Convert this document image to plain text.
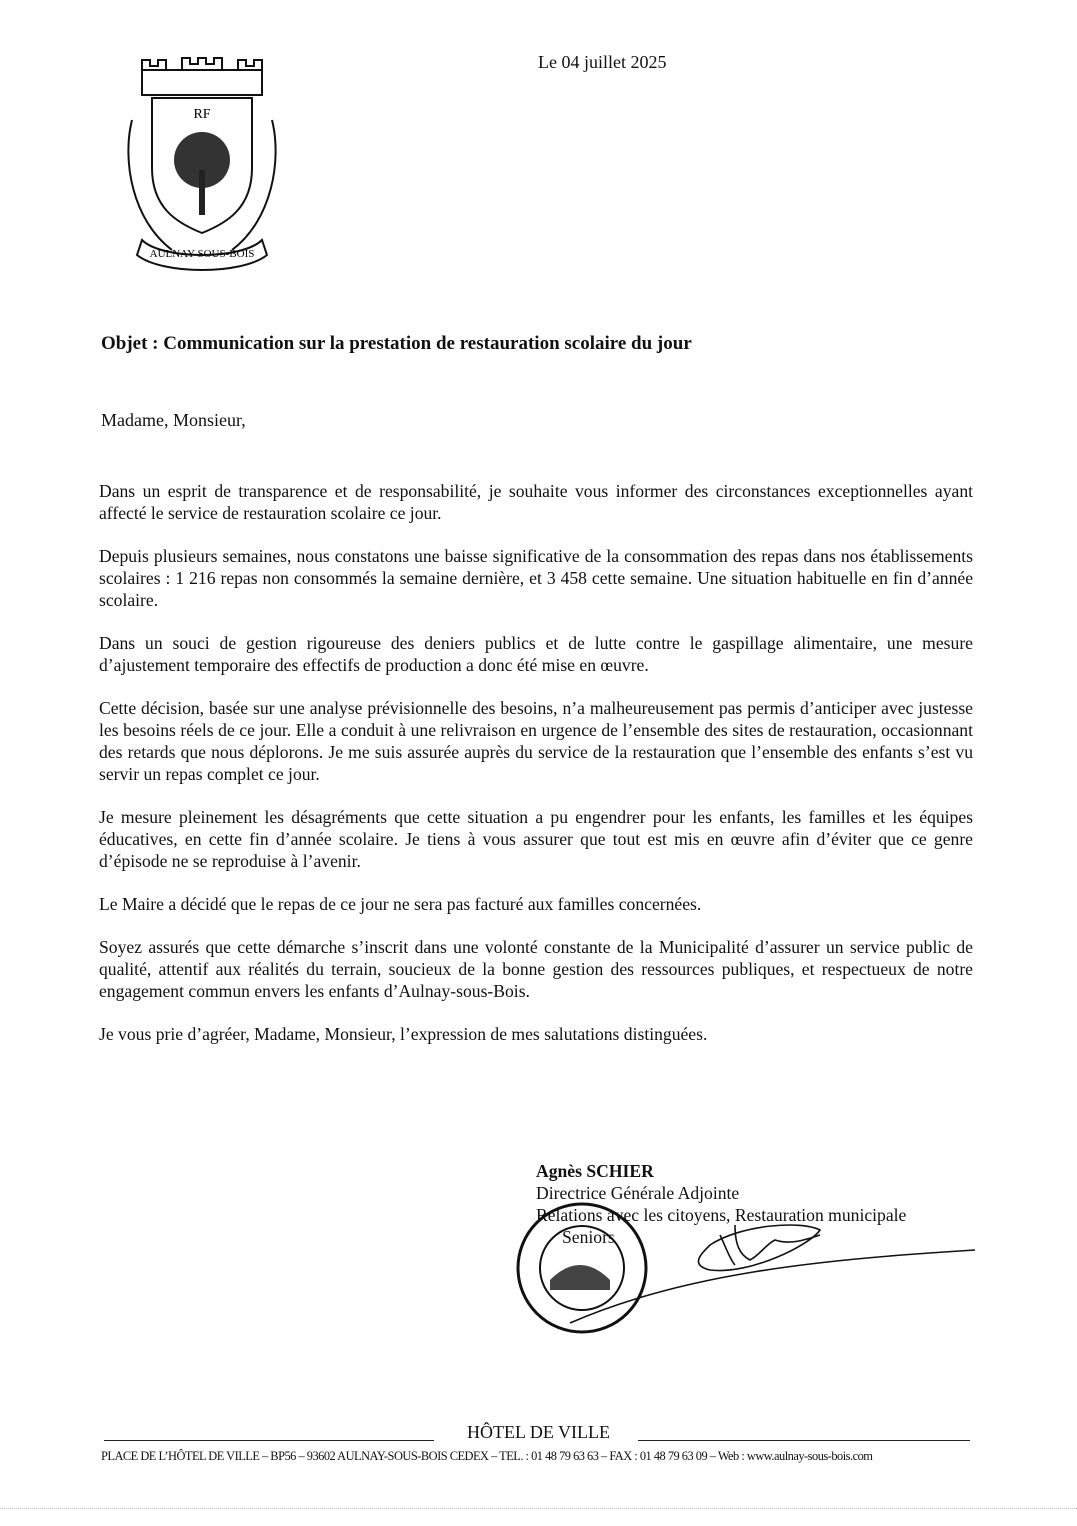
Le 04 juillet 2025
RF
AULNAY-SOUS-BOIS
Objet : Communication sur la prestation de restauration scolaire du jour
Madame, Monsieur,

Dans un esprit de transparence et de responsabilité, je souhaite vous informer des circonstances exceptionnelles ayant affecté le service de restauration scolaire ce jour.

Depuis plusieurs semaines, nous constatons une baisse significative de la consommation des repas dans nos établissements scolaires : 1 216 repas non consommés la semaine dernière, et 3 458 cette semaine. Une situation habituelle en fin d’année scolaire.

Dans un souci de gestion rigoureuse des deniers publics et de lutte contre le gaspillage alimentaire, une mesure d’ajustement temporaire des effectifs de production a donc été mise en œuvre.

Cette décision, basée sur une analyse prévisionnelle des besoins, n’a malheureusement pas permis d’anticiper avec justesse les besoins réels de ce jour. Elle a conduit à une relivraison en urgence de l’ensemble des sites de restauration, occasionnant des retards que nous déplorons. Je me suis assurée auprès du service de la restauration que l’ensemble des enfants s’est vu servir un repas complet ce jour.

Je mesure pleinement les désagréments que cette situation a pu engendrer pour les enfants, les familles et les équipes éducatives, en cette fin d’année scolaire. Je tiens à vous assurer que tout est mis en œuvre afin d’éviter que ce genre d’épisode ne se reproduise à l’avenir.

Le Maire a décidé que le repas de ce jour ne sera pas facturé aux familles concernées.

Soyez assurés que cette démarche s’inscrit dans une volonté constante de la Municipalité d’assurer un service public de qualité, attentif aux réalités du terrain, soucieux de la bonne gestion des ressources publiques, et respectueux de notre engagement commun envers les enfants d’Aulnay-sous-Bois.

Je vous prie d’agréer, Madame, Monsieur, l’expression de mes salutations distinguées.

Agnès SCHIER
Directrice Générale Adjointe
Relations avec les citoyens, Restauration municipale
Seniors
HÔTEL DE VILLE
PLACE DE L’HÔTEL DE VILLE – BP56 – 93602 AULNAY-SOUS-BOIS CEDEX – TEL. : 01 48 79 63 63 – FAX : 01 48 79 63 09 – Web : www.aulnay-sous-bois.com
